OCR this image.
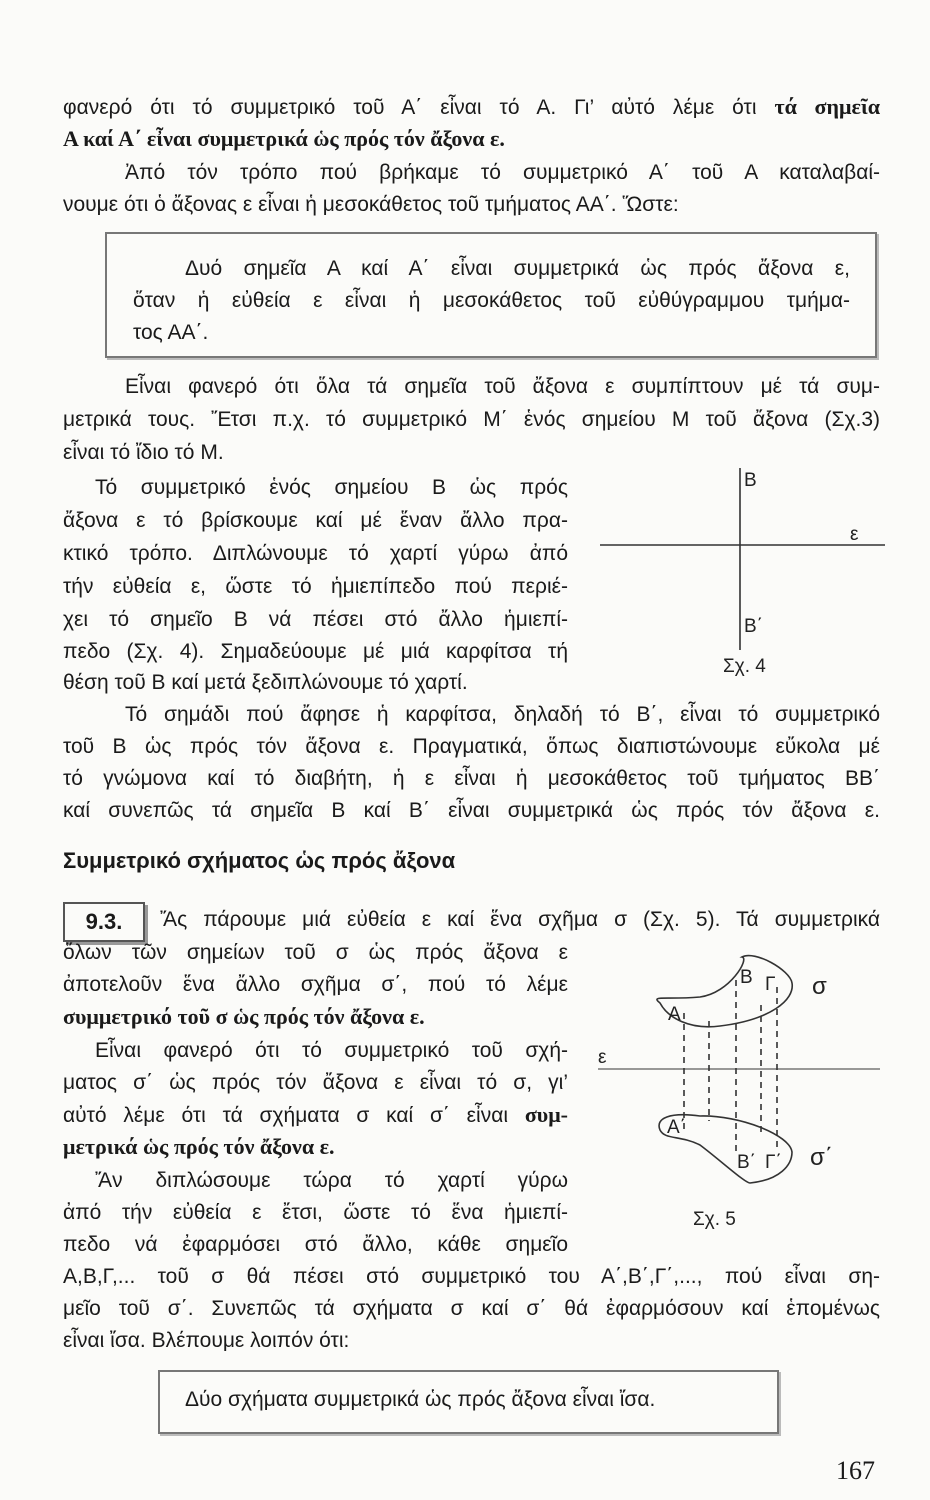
φανερό ότι τό συμμετρικό τοῦ Α΄ εἶναι τό Α. Γι’ αὐτό λέμε ότι τά σημεῖα
Α καί Α΄ εἶναι συμμετρικά ὡς πρός τόν ἄξονα ε.
Ἀπό τόν τρόπο πού βρήκαμε τό συμμετρικό Α΄ τοῦ Α καταλαβαί-
νουμε ότι ὁ ἄξονας ε εἶναι ἡ μεσοκάθετος τοῦ τμήματος ΑΑ΄. Ὥστε:
Δυό σημεῖα Α καί Α΄ εἶναι συμμετρικά ὡς πρός ἄξονα ε,
ὅταν ἡ εὐθεία ε εἶναι ἡ μεσοκάθετος τοῦ εὐθύγραμμου τμήμα-
τος ΑΑ΄.
Εἶναι φανερό ότι ὅλα τά σημεῖα τοῦ ἄξονα ε συμπίπτουν μέ τά συμ-
μετρικά τους. Ἔτσι π.χ. τό συμμετρικό Μ΄ ἑνός σημείου Μ τοῦ ἄξονα (Σχ.3)
εἶναι τό ἴδιο τό Μ.
Τό συμμετρικό ἑνός σημείου Β ὡς πρός
ἄξονα ε τό βρίσκουμε καί μέ ἕναν ἄλλο πρα-
κτικό τρόπο. Διπλώνουμε τό χαρτί γύρω ἀπό
τήν εὐθεία ε, ὥστε τό ἡμιεπίπεδο πού περιέ-
χει τό σημεῖο Β νά πέσει στό ἄλλο ἡμιεπί-
πεδο (Σχ. 4). Σημαδεύουμε μέ μιά καρφίτσα τή
θέση τοῦ Β καί μετά ξεδιπλώνουμε τό χαρτί.
Τό σημάδι πού ἄφησε ἡ καρφίτσα, δηλαδή τό Β΄, εἶναι τό συμμετρικό
τοῦ Β ὡς πρός τόν ἄξονα ε. Πραγματικά, ὅπως διαπιστώνουμε εὔκολα μέ
τό γνώμονα καί τό διαβήτη, ἡ ε εἶναι ἡ μεσοκάθετος τοῦ τμήματος ΒΒ΄
καί συνεπῶς τά σημεῖα Β καί Β΄ εἶναι συμμετρικά ὡς πρός τόν ἄξονα ε.
Συμμετρικό σχήματος ὡς πρός ἄξονα
9.3.	Ἄς πάρουμε μιά εὐθεία ε καί ἕνα σχῆμα σ (Σχ. 5). Τά συμμετρικά
ὅλων τῶν σημείων τοῦ σ ὡς πρός ἄξονα ε
ἀποτελοῦν ἕνα ἄλλο σχῆμα σ΄, πού τό λέμε
συμμετρικό τοῦ σ ὡς πρός τόν ἄξονα ε.
Εἶναι φανερό ότι τό συμμετρικό τοῦ σχή-
ματος σ΄ ὡς πρός τόν ἄξονα ε εἶναι τό σ, γι’
αὐτό λέμε ότι τά σχήματα σ καί σ΄ εἶναι συμ-
μετρικά ὡς πρός τόν ἄξονα ε.
Ἄν διπλώσουμε τώρα τό χαρτί γύρω
ἀπό τήν εὐθεία ε ἔτσι, ὥστε τό ἕνα ἡμιεπί-
πεδο νά ἐφαρμόσει στό ἄλλο, κάθε σημεῖο
Α,Β,Γ,... τοῦ σ θά πέσει στό συμμετρικό του Α΄,Β΄,Γ΄,..., πού εἶναι ση-
μεῖο τοῦ σ΄. Συνεπῶς τά σχήματα σ καί σ΄ θά ἐφαρμόσουν καί ἑπομένως
εἶναι ἴσα. Βλέπουμε λοιπόν ότι:
Δύο σχήματα συμμετρικά ὡς πρός ἄξονα εἶναι ἴσα.
167
Β
Β΄
ε
Σχ. 4
Α
Β Γ
Α΄
Β΄ Γ΄
σ
σ΄
ε
Σχ. 5
